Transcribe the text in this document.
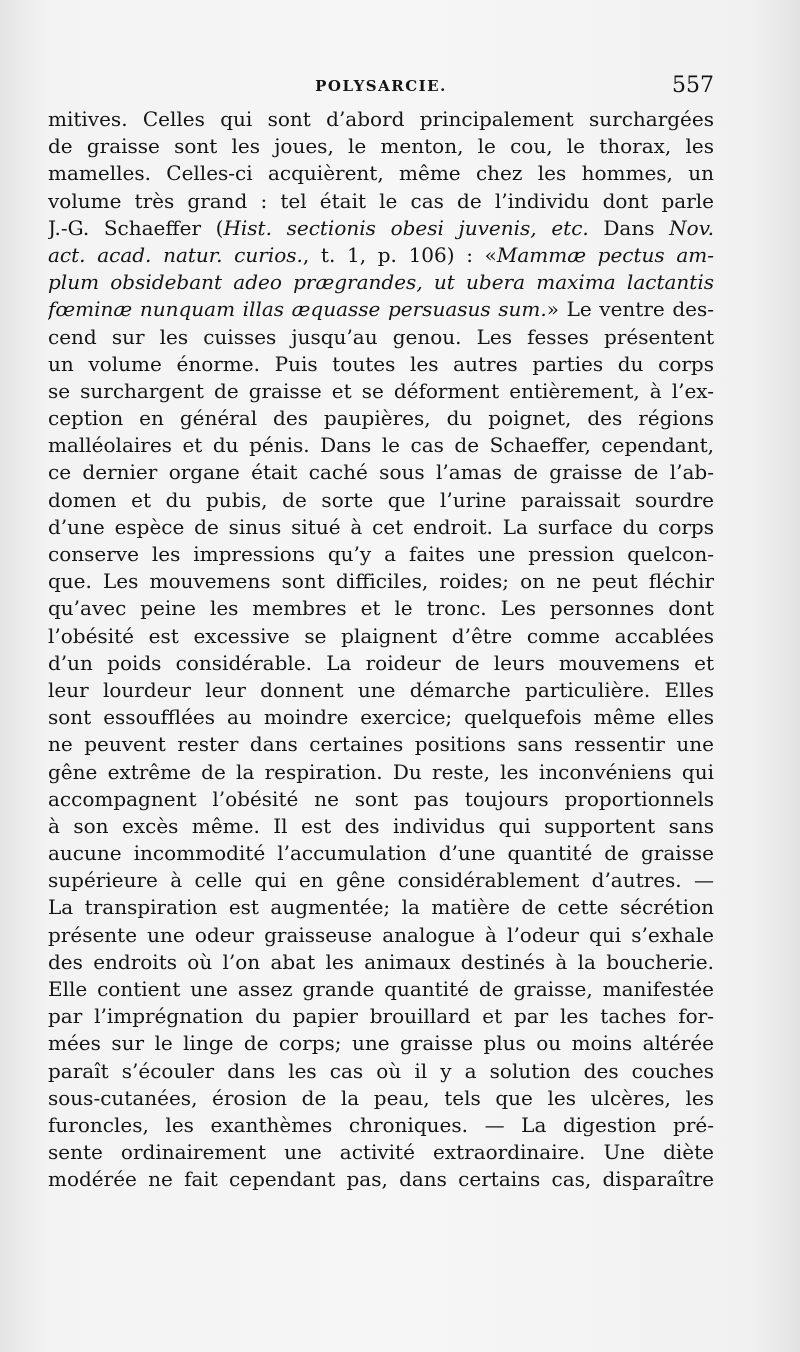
POLYSARCIE.	557
mitives. Celles qui sont d’abord principalement surchargées
de graisse sont les joues, le menton, le cou, le thorax, les
mamelles. Celles-ci acquièrent, même chez les hommes, un
volume très grand : tel était le cas de l’individu dont parle
J.-G. Schaeffer (Hist. sectionis obesi juvenis, etc. Dans Nov.
act. acad. natur. curios., t. 1, p. 106) : «Mammæ pectus am-
plum obsidebant adeo prægrandes, ut ubera maxima lactantis
fœminæ nunquam illas æquasse persuasus sum.» Le ventre des-
cend sur les cuisses jusqu’au genou. Les fesses présentent
un volume énorme. Puis toutes les autres parties du corps
se surchargent de graisse et se déforment entièrement, à l’ex-
ception en général des paupières, du poignet, des régions
malléolaires et du pénis. Dans le cas de Schaeffer, cependant,
ce dernier organe était caché sous l’amas de graisse de l’ab-
domen et du pubis, de sorte que l’urine paraissait sourdre
d’une espèce de sinus situé à cet endroit. La surface du corps
conserve les impressions qu’y a faites une pression quelcon-
que. Les mouvemens sont difficiles, roides; on ne peut fléchir
qu’avec peine les membres et le tronc. Les personnes dont
l’obésité est excessive se plaignent d’être comme accablées
d’un poids considérable. La roideur de leurs mouvemens et
leur lourdeur leur donnent une démarche particulière. Elles
sont essoufflées au moindre exercice; quelquefois même elles
ne peuvent rester dans certaines positions sans ressentir une
gêne extrême de la respiration. Du reste, les inconvéniens qui
accompagnent l’obésité ne sont pas toujours proportionnels
à son excès même. Il est des individus qui supportent sans
aucune incommodité l’accumulation d’une quantité de graisse
supérieure à celle qui en gêne considérablement d’autres. —
La transpiration est augmentée; la matière de cette sécrétion
présente une odeur graisseuse analogue à l’odeur qui s’exhale
des endroits où l’on abat les animaux destinés à la boucherie.
Elle contient une assez grande quantité de graisse, manifestée
par l’imprégnation du papier brouillard et par les taches for-
mées sur le linge de corps; une graisse plus ou moins altérée
paraît s’écouler dans les cas où il y a solution des couches
sous-cutanées, érosion de la peau, tels que les ulcères, les
furoncles, les exanthèmes chroniques. — La digestion pré-
sente ordinairement une activité extraordinaire. Une diète
modérée ne fait cependant pas, dans certains cas, disparaître
